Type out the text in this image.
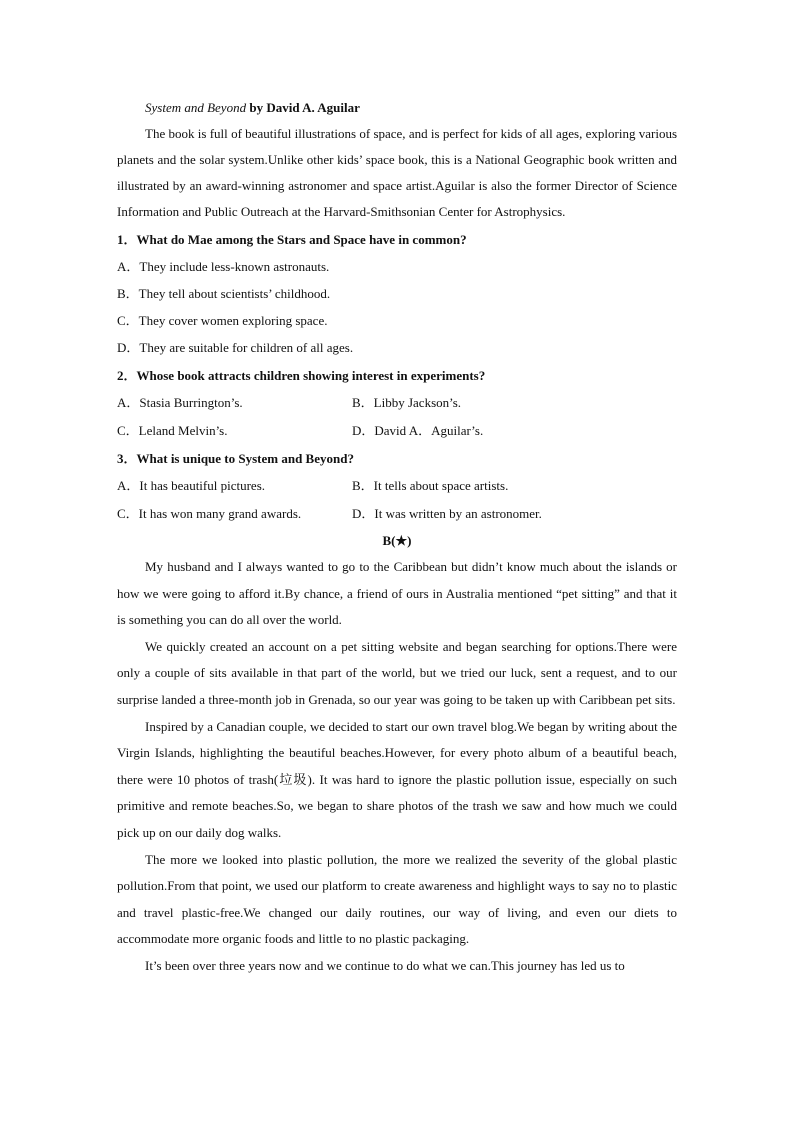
System and Beyond by David A. Aguilar

The book is full of beautiful illustrations of space, and is perfect for kids of all ages, exploring various planets and the solar system.Unlike other kids’ space book, this is a National Geographic book written and illustrated by an award-winning astronomer and space artist.Aguilar is also the former Director of Science Information and Public Outreach at the Harvard-Smithsonian Center for Astrophysics.

1．What do Mae among the Stars and Space have in common?

A．They include less-known astronauts.

B．They tell about scientists’ childhood.

C．They cover women exploring space.

D．They are suitable for children of all ages.

2．Whose book attracts children showing interest in experiments?

A．Stasia Burrington’s.	B．Libby Jackson’s.
C．Leland Melvin’s.	D．David A．Aguilar’s.

3．What is unique to System and Beyond?

A．It has beautiful pictures.	B．It tells about space artists.
C．It has won many grand awards.	D．It was written by an astronomer.

B(★)

My husband and I always wanted to go to the Caribbean but didn’t know much about the islands or how we were going to afford it.By chance, a friend of ours in Australia mentioned “pet sitting” and that it is something you can do all over the world.

We quickly created an account on a pet sitting website and began searching for options.There were only a couple of sits available in that part of the world, but we tried our luck, sent a request, and to our surprise landed a three-month job in Grenada, so our year was going to be taken up with Caribbean pet sits.

Inspired by a Canadian couple, we decided to start our own travel blog.We began by writing about the Virgin Islands, highlighting the beautiful beaches.However, for every photo album of a beautiful beach, there were 10 photos of trash(垃圾). It was hard to ignore the plastic pollution issue, especially on such primitive and remote beaches.So, we began to share photos of the trash we saw and how much we could pick up on our daily dog walks.

The more we looked into plastic pollution, the more we realized the severity of the global plastic pollution.From that point, we used our platform to create awareness and highlight ways to say no to plastic and travel plastic-free.We changed our daily routines, our way of living, and even our diets to accommodate more organic foods and little to no plastic packaging.

It’s been over three years now and we continue to do what we can.This journey has led us to
